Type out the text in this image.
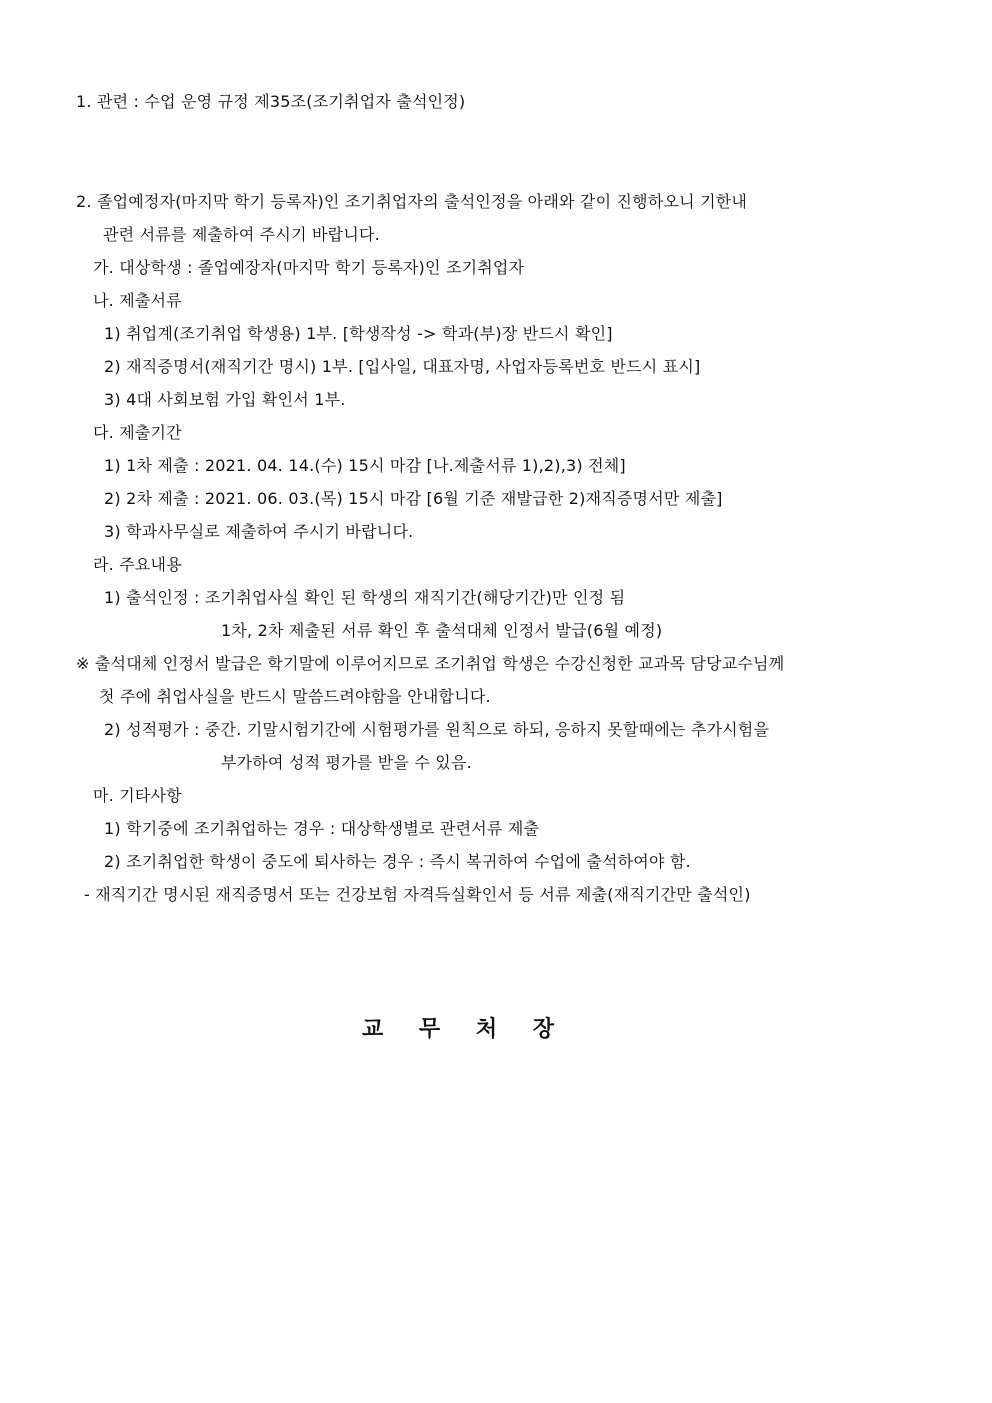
1. 관련 : 수업 운영 규정 제35조(조기취업자 출석인정)
2. 졸업예정자(마지막 학기 등록자)인 조기취업자의 출석인정을 아래와 같이 진행하오니 기한내
관련 서류를 제출하여 주시기 바랍니다.
가. 대상학생 : 졸업예장자(마지막 학기 등록자)인 조기취업자
나. 제출서류
1) 취업계(조기취업 학생용) 1부. [학생작성 -> 학과(부)장 반드시 확인]
2) 재직증명서(재직기간 명시) 1부. [입사일, 대표자명, 사업자등록번호 반드시 표시]
3) 4대 사회보험 가입 확인서 1부.
다. 제출기간
1) 1차 제출 : 2021. 04. 14.(수) 15시 마감 [나.제출서류 1),2),3) 전체]
2) 2차 제출 : 2021. 06. 03.(목) 15시 마감 [6월 기준 재발급한 2)재직증명서만 제출]
3) 학과사무실로 제출하여 주시기 바랍니다.
라. 주요내용
1) 출석인정 : 조기취업사실 확인 된 학생의 재직기간(해당기간)만 인정 됨
1차, 2차 제출된 서류 확인 후 출석대체 인정서 발급(6월 예정)
※ 출석대체 인정서 발급은 학기말에 이루어지므로 조기취업 학생은 수강신청한 교과목 담당교수님께
첫 주에 취업사실을 반드시 말씀드려야함을 안내합니다.
2) 성적평가 : 중간. 기말시험기간에 시험평가를 원칙으로 하되, 응하지 못할때에는 추가시험을
부가하여 성적 평가를 받을 수 있음.
마. 기타사항
1) 학기중에 조기취업하는 경우 : 대상학생별로 관련서류 제출
2) 조기취업한 학생이 중도에 퇴사하는 경우 : 즉시 복귀하여 수업에 출석하여야 함.
- 재직기간 명시된 재직증명서 또는 건강보험 자격득실확인서 등 서류 제출(재직기간만 출석인)
교 무 처 장
